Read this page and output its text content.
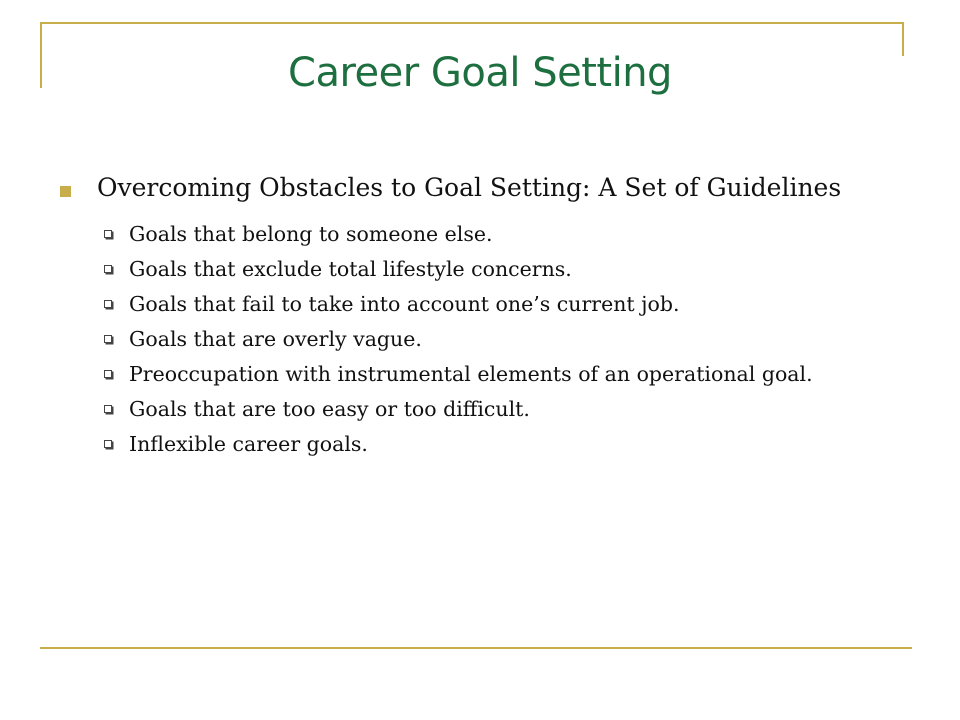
Career Goal Setting
Overcoming Obstacles to Goal Setting: A Set of Guidelines
Goals that belong to someone else.
Goals that exclude total lifestyle concerns.
Goals that fail to take into account one’s current job.
Goals that are overly vague.
Preoccupation with instrumental elements of an operational goal.
Goals that are too easy or too difficult.
Inflexible career goals.
